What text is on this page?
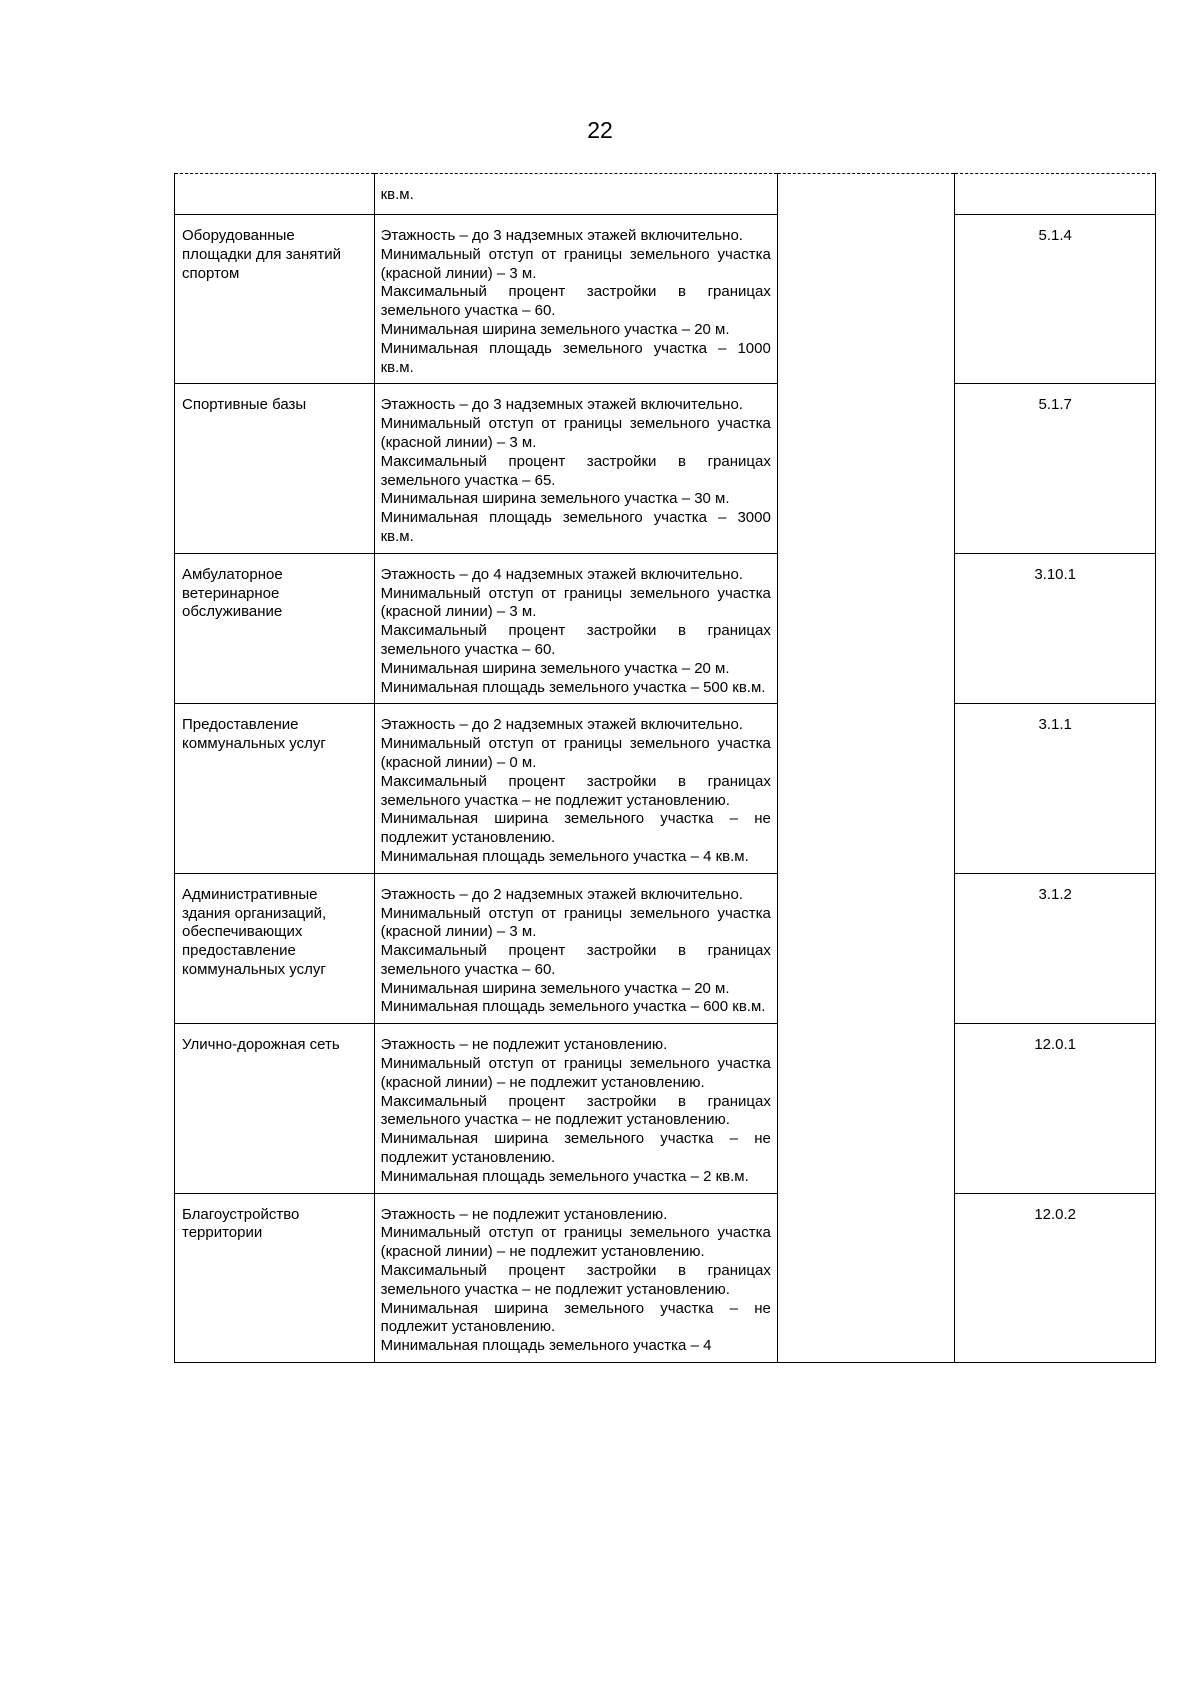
22

	кв.м.		

Оборудованные площадки для занятий спортом	Этажность – до 3 надземных этажей включительно.
Минимальный отступ от границы земельного участка (красной линии) – 3 м.
Максимальный процент застройки в границах земельного участка – 60.
Минимальная ширина земельного участка – 20 м.
Минимальная площадь земельного участка – 1000 кв.м.		5.1.4

Спортивные базы	Этажность – до 3 надземных этажей включительно.
Минимальный отступ от границы земельного участка (красной линии) – 3 м.
Максимальный процент застройки в границах земельного участка – 65.
Минимальная ширина земельного участка – 30 м.
Минимальная площадь земельного участка – 3000 кв.м.		5.1.7

Амбулаторное ветеринарное обслуживание	Этажность – до 4 надземных этажей включительно.
Минимальный отступ от границы земельного участка (красной линии) – 3 м.
Максимальный процент застройки в границах земельного участка – 60.
Минимальная ширина земельного участка – 20 м.
Минимальная площадь земельного участка – 500 кв.м.		3.10.1

Предоставление коммунальных услуг	Этажность – до 2 надземных этажей включительно.
Минимальный отступ от границы земельного участка (красной линии) – 0 м.
Максимальный процент застройки в границах земельного участка – не подлежит установлению.
Минимальная ширина земельного участка – не подлежит установлению.
Минимальная площадь земельного участка – 4 кв.м.		3.1.1

Административные здания организаций, обеспечивающих предоставление коммунальных услуг	Этажность – до 2 надземных этажей включительно.
Минимальный отступ от границы земельного участка (красной линии) – 3 м.
Максимальный процент застройки в границах земельного участка – 60.
Минимальная ширина земельного участка – 20 м.
Минимальная площадь земельного участка – 600 кв.м.		3.1.2

Улично-дорожная сеть	Этажность – не подлежит установлению.
Минимальный отступ от границы земельного участка (красной линии) – не подлежит установлению.
Максимальный процент застройки в границах земельного участка – не подлежит установлению.
Минимальная ширина земельного участка – не подлежит установлению.
Минимальная площадь земельного участка – 2 кв.м.		12.0.1

Благоустройство территории	Этажность – не подлежит установлению.
Минимальный отступ от границы земельного участка (красной линии) – не подлежит установлению.
Максимальный процент застройки в границах земельного участка – не подлежит установлению.
Минимальная ширина земельного участка – не подлежит установлению.
Минимальная площадь земельного участка – 4		12.0.2
